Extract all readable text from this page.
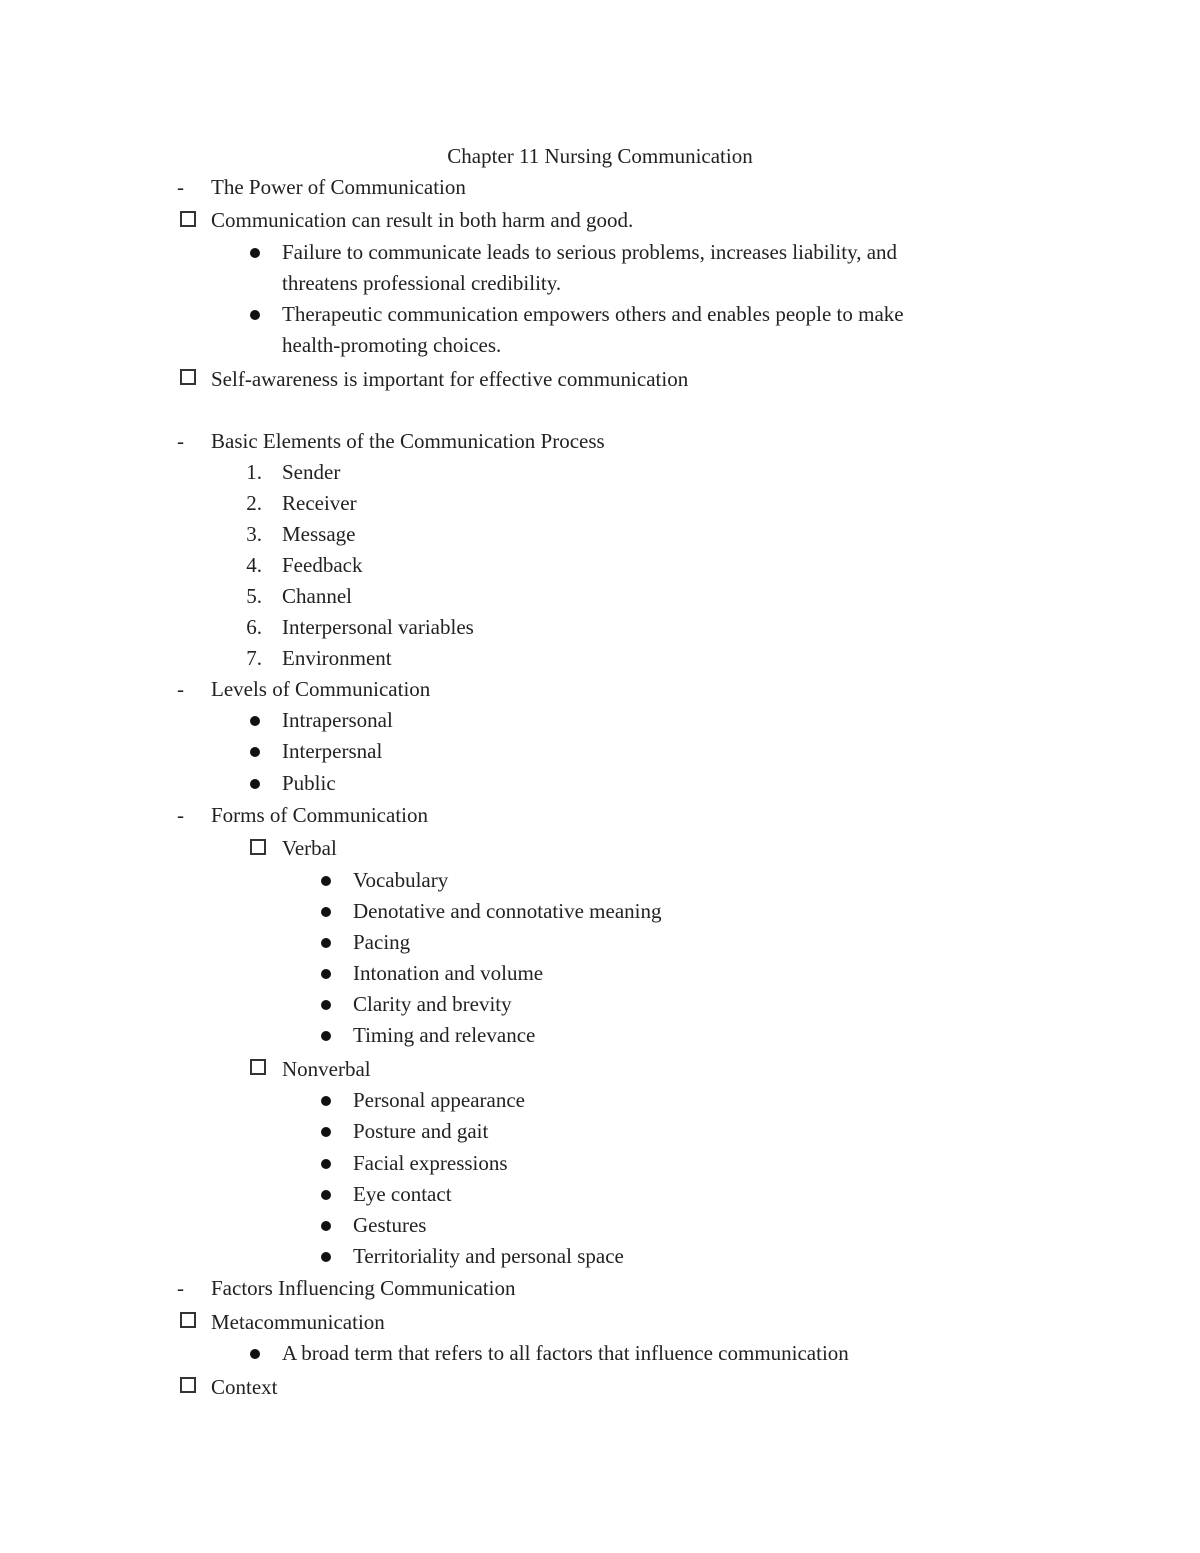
Chapter 11 Nursing Communication
- The Power of Communication
Communication can result in both harm and good.
Failure to communicate leads to serious problems, increases liability, and
threatens professional credibility.
Therapeutic communication empowers others and enables people to make
health-promoting choices.
Self-awareness is important for effective communication
- Basic Elements of the Communication Process
1. Sender
2. Receiver
3. Message
4. Feedback
5. Channel
6. Interpersonal variables
7. Environment
- Levels of Communication
Intrapersonal
Interpersnal
Public
- Forms of Communication
Verbal
Vocabulary
Denotative and connotative meaning
Pacing
Intonation and volume
Clarity and brevity
Timing and relevance
Nonverbal
Personal appearance
Posture and gait
Facial expressions
Eye contact
Gestures
Territoriality and personal space
- Factors Influencing Communication
Metacommunication
A broad term that refers to all factors that influence communication
Context
